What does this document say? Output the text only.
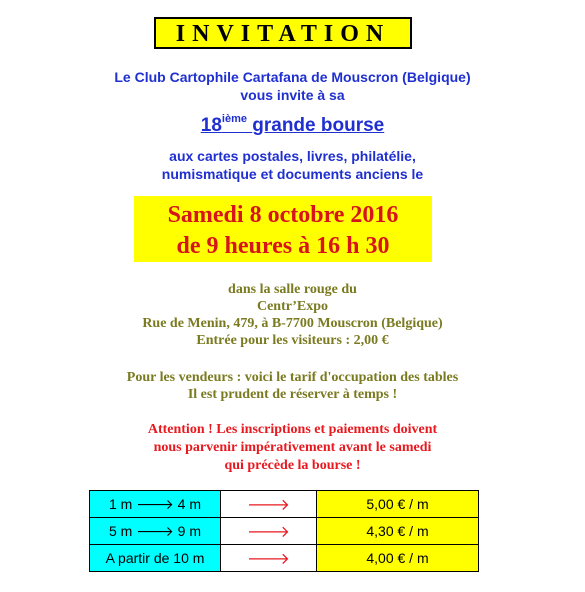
INVITATION
Le Club Cartophile Cartafana de Mouscron (Belgique)
vous invite à sa
18ième grande bourse
aux cartes postales, livres, philatélie,
numismatique et documents anciens le
Samedi 8 octobre 2016
de 9 heures à 16 h 30
dans la salle rouge du
Centr’Expo
Rue de Menin, 479, à B-7700 Mouscron (Belgique)
Entrée pour les visiteurs : 2,00 €
Pour les vendeurs : voici le tarif d'occupation des tables
Il est prudent de réserver à temps !
Attention ! Les inscriptions et paiements doivent
nous parvenir impérativement avant le samedi
qui précède la bourse !
1 m 🡒 4 m	🡒	5,00 € / m
5 m 🡒 9 m	🡒	4,30 € / m
A partir de 10 m	🡒	4,00 € / m
